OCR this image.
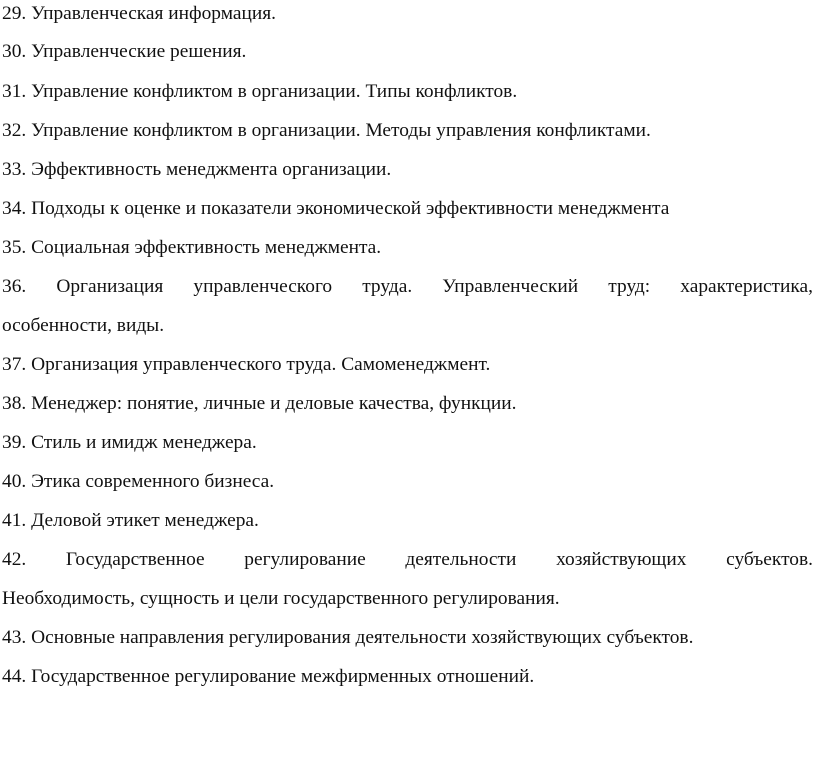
29. Управленческая информация.
30. Управленческие решения.
31. Управление конфликтом в организации. Типы конфликтов.
32. Управление конфликтом в организации. Методы управления конфликтами.
33. Эффективность менеджмента организации.
34. Подходы к оценке и показатели экономической эффективности менеджмента
35. Социальная эффективность менеджмента.
36. Организация управленческого труда. Управленческий труд: характеристика,
особенности, виды.
37. Организация управленческого труда. Самоменеджмент.
38. Менеджер: понятие, личные и деловые качества, функции.
39. Стиль и имидж менеджера.
40. Этика современного бизнеса.
41. Деловой этикет менеджера.
42. Государственное регулирование деятельности хозяйствующих субъектов.
Необходимость, сущность и цели государственного регулирования.
43. Основные направления регулирования деятельности хозяйствующих субъектов.
44. Государственное регулирование межфирменных отношений.
